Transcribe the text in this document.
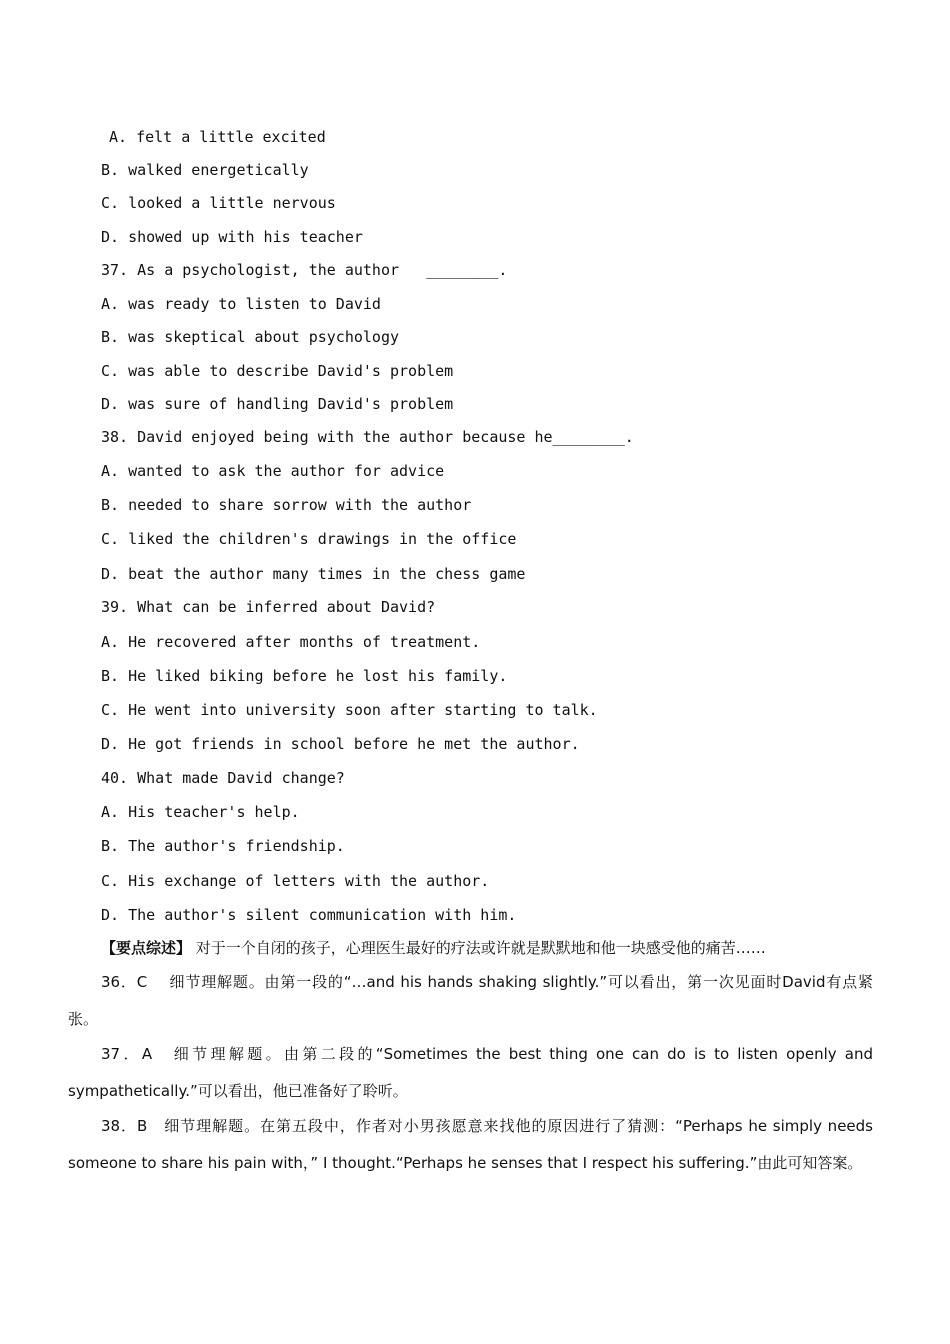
A. felt a little excited
B. walked energetically
C. looked a little nervous
D. showed up with his teacher
37. As a psychologist, the author   ________.
A. was ready to listen to David
B. was skeptical about psychology
C. was able to describe David's problem
D. was sure of handling David's problem
38. David enjoyed being with the author because he________.
A. wanted to ask the author for advice
B. needed to share sorrow with the author
C. liked the children's drawings in the office
D. beat the author many times in the chess game
39. What can be inferred about David?
A. He recovered after months of treatment.
B. He liked biking before he lost his family.
C. He went into university soon after starting to talk.
D. He got friends in school before he met the author.
40. What made David change?
A. His teacher's help.
B. The author's friendship.
C. His exchange of letters with the author.
D. The author's silent communication with him.
【要点综述】 对于一个自闭的孩子，心理医生最好的疗法或许就是默默地和他一块感受他的痛苦……
36．C　 细节理解题。由第一段的“…and his hands shaking slightly.”可以看出，第一次见面时David有点紧张。
37．A　细节理解题。由第二段的“Sometimes the best thing one can do is to listen openly and sympathetically.”可以看出，他已准备好了聆听。
38．B　细节理解题。在第五段中，作者对小男孩愿意来找他的原因进行了猜测：“Perhaps he simply needs someone to share his pain with，” I thought.“Perhaps he senses that I respect his suffering.”由此可知答案。
